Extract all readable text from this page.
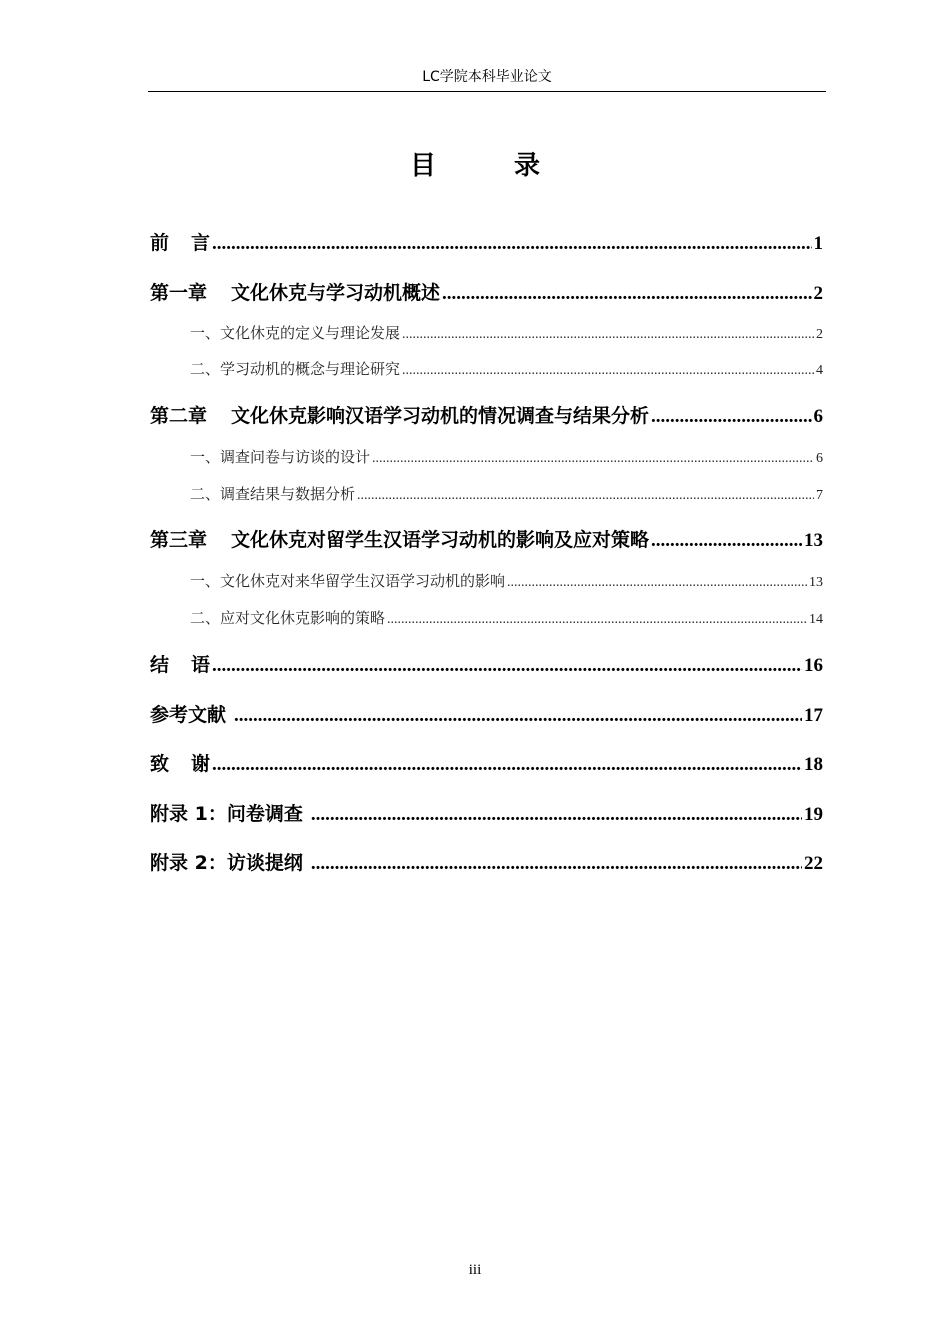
LC学院本科毕业论文
目　录
前 言 .....	1
第一章 文化休克与学习动机概述 .....	2
一、文化休克的定义与理论发展 .....	2
二、学习动机的概念与理论研究 .....	4
第二章 文化休克影响汉语学习动机的情况调查与结果分析 .....	6
一、调查问卷与访谈的设计 .....	6
二、调查结果与数据分析 .....	7
第三章 文化休克对留学生汉语学习动机的影响及应对策略 .....	13
一、文化休克对来华留学生汉语学习动机的影响 .....	13
二、应对文化休克影响的策略 .....	14
结 语 .....	16
参考文献 .....	17
致 谢 .....	18
附录 1：问卷调查 .....	19
附录 2：访谈提纲 .....	22
iii
